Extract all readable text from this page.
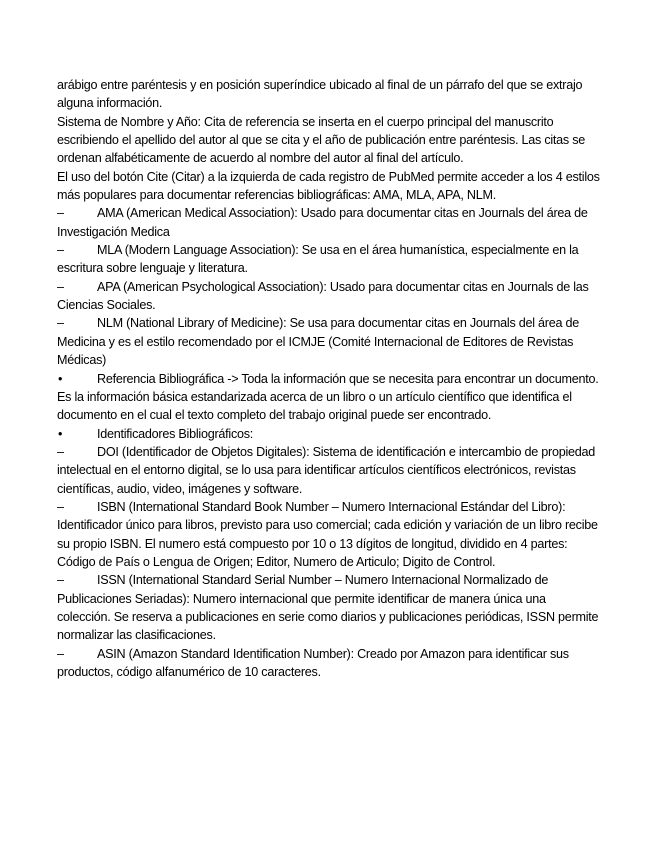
arábigo entre paréntesis y en posición superíndice ubicado al final de un párrafo del que se extrajo alguna información.

Sistema de Nombre y Año: Cita de referencia se inserta en el cuerpo principal del manuscrito escribiendo el apellido del autor al que se cita y el año de publicación entre paréntesis. Las citas se ordenan alfabéticamente de acuerdo al nombre del autor al final del artículo.

El uso del botón Cite (Citar) a la izquierda de cada registro de PubMed permite acceder a los 4 estilos más populares para documentar referencias bibliográficas: AMA, MLA, APA, NLM.

–	AMA (American Medical Association): Usado para documentar citas en Journals del área de Investigación Medica

–	MLA (Modern Language Association): Se usa en el área humanística, especialmente en la escritura sobre lenguaje y literatura.

–	APA (American Psychological Association): Usado para documentar citas en Journals de las Ciencias Sociales.

–	NLM (National Library of Medicine): Se usa para documentar citas en Journals del área de Medicina y es el estilo recomendado por el ICMJE (Comité Internacional de Editores de Revistas Médicas)

•	Referencia Bibliográfica -> Toda la información que se necesita para encontrar un documento. Es la información básica estandarizada acerca de un libro o un artículo científico que identifica el documento en el cual el texto completo del trabajo original puede ser encontrado.

•	Identificadores Bibliográficos:

–	DOI (Identificador de Objetos Digitales): Sistema de identificación e intercambio de propiedad intelectual en el entorno digital, se lo usa para identificar artículos científicos electrónicos, revistas científicas, audio, video, imágenes y software.

–	ISBN (International Standard Book Number – Numero Internacional Estándar del Libro): Identificador único para libros, previsto para uso comercial; cada edición y variación de un libro recibe su propio ISBN. El numero está compuesto por 10 o 13 dígitos de longitud, dividido en 4 partes: Código de País o Lengua de Origen; Editor, Numero de Articulo; Digito de Control.

–	ISSN (International Standard Serial Number – Numero Internacional Normalizado de Publicaciones Seriadas): Numero internacional que permite identificar de manera única una colección. Se reserva a publicaciones en serie como diarios y publicaciones periódicas, ISSN permite normalizar las clasificaciones.

–	ASIN (Amazon Standard Identification Number): Creado por Amazon para identificar sus productos, código alfanumérico de 10 caracteres.
